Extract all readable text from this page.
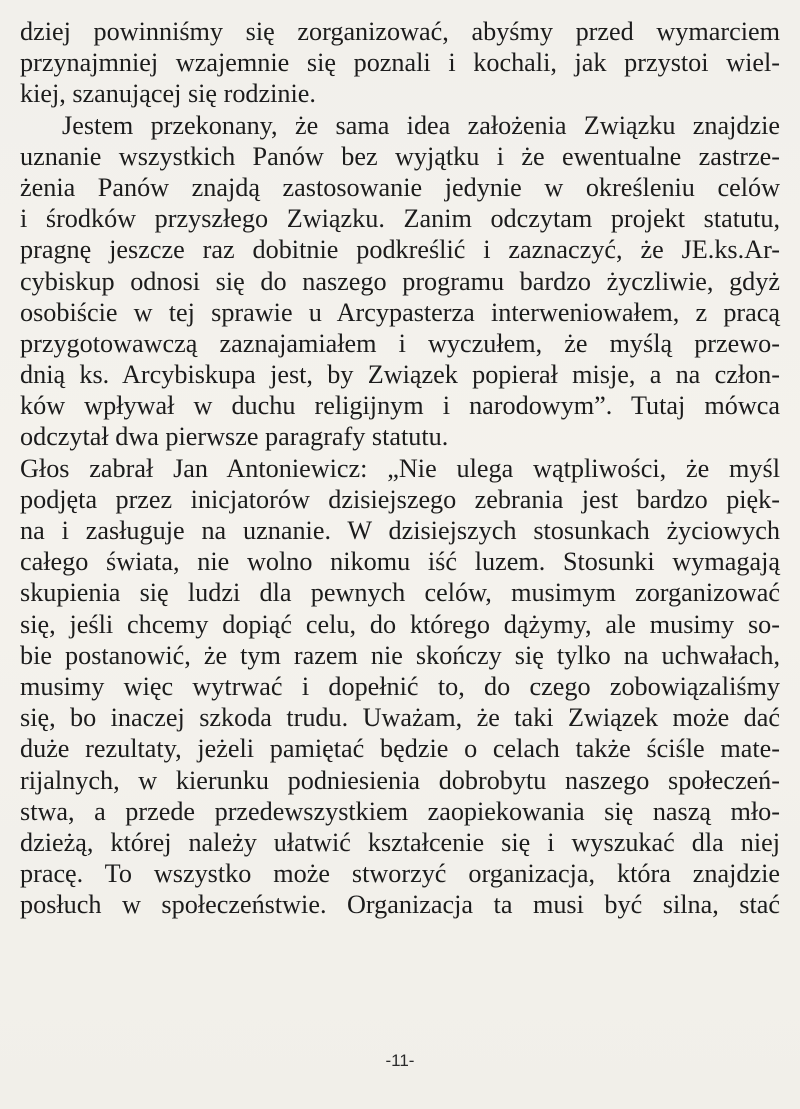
dziej powinniśmy się zorganizować, abyśmy przed wymarciem
przynajmniej wzajemnie się poznali i kochali, jak przystoi wiel-
kiej, szanującej się rodzinie.
Jestem przekonany, że sama idea założenia Związku znajdzie
uznanie wszystkich Panów bez wyjątku i że ewentualne zastrze-
żenia Panów znajdą zastosowanie jedynie w określeniu celów
i środków przyszłego Związku. Zanim odczytam projekt statutu,
pragnę jeszcze raz dobitnie podkreślić i zaznaczyć, że JE.ks.Ar-
cybiskup odnosi się do naszego programu bardzo życzliwie, gdyż
osobiście w tej sprawie u Arcypasterza interweniowałem, z pracą
przygotowawczą zaznajamiałem i wyczułem, że myślą przewo-
dnią ks. Arcybiskupa jest, by Związek popierał misje, a na człon-
ków wpływał w duchu religijnym i narodowym”. Tutaj mówca
odczytał dwa pierwsze paragrafy statutu.
Głos zabrał Jan Antoniewicz: „Nie ulega wątpliwości, że myśl
podjęta przez inicjatorów dzisiejszego zebrania jest bardzo pięk-
na i zasługuje na uznanie. W dzisiejszych stosunkach życiowych
całego świata, nie wolno nikomu iść luzem. Stosunki wymagają
skupienia się ludzi dla pewnych celów, musimym zorganizować
się, jeśli chcemy dopiąć celu, do którego dążymy, ale musimy so-
bie postanowić, że tym razem nie skończy się tylko na uchwałach,
musimy więc wytrwać i dopełnić to, do czego zobowiązaliśmy
się, bo inaczej szkoda trudu. Uważam, że taki Związek może dać
duże rezultaty, jeżeli pamiętać będzie o celach także ściśle mate-
rijalnych, w kierunku podniesienia dobrobytu naszego społeczeń-
stwa, a przede przedewszystkiem zaopiekowania się naszą mło-
dzieżą, której należy ułatwić kształcenie się i wyszukać dla niej
pracę. To wszystko może stworzyć organizacja, która znajdzie
posłuch w społeczeństwie. Organizacja ta musi być silna, stać
-11-
